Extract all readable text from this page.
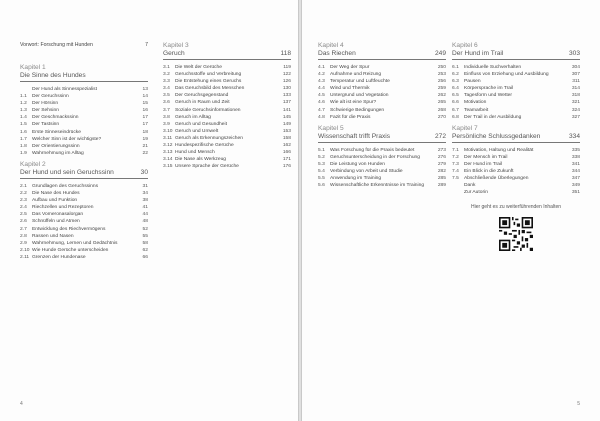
Vorwort: Forschung mit Hunden	7
Kapitel 1
Die Sinne des Hundes
Der Hund als Sinnesspezialist	13
1.1	Der Geruchssinn	14
1.2	Der Hörsinn	15
1.3	Der Sehsinn	16
1.4	Der Geschmackssinn	17
1.5	Der Tastsinn	17
1.6	Erste Sinneseindrücke	18
1.7	Welcher Sinn ist der wichtigste?	19
1.8	Der Orientierungssinn	21
1.9	Wahrnehmung im Alltag	22
Kapitel 2
Der Hund und sein Geruchssinn	30
2.1	Grundlagen des Geruchssinns	31
2.2	Die Nase des Hundes	34
2.3	Aufbau und Funktion	38
2.4	Riechzellen und Rezeptoren	41
2.5	Das Vomeronasalorgan	44
2.6	Schnüffeln und Atmen	48
2.7	Entwicklung des Riechvermögens	52
2.8	Rassen und Nasen	55
2.9	Wahrnehmung, Lernen und Gedächtnis	58
2.10 Wie Hunde Gerüche unterscheiden	62
2.11 Grenzen der Hundenase	66
Kapitel 3
Geruch	118
3.1	Die Welt der Gerüche	119
3.2	Geruchsstoffe und Verbreitung	122
3.3	Die Entstehung eines Geruchs	126
3.4	Das Geruchsbild des Menschen	130
3.5	Der Geruchsgegenstand	133
3.6	Geruch in Raum und Zeit	137
3.7	Soziale Geruchsinformationen	141
3.8	Geruch im Alltag	145
3.9	Geruch und Gesundheit	149
3.10 Geruch und Umwelt	153
3.11 Geruch als Erkennungszeichen	158
3.12 Hundespezifische Gerüche	162
3.13 Hund und Mensch	166
3.14 Die Nase als Werkzeug	171
3.15 Unsere Sprache der Gerüche	176
4
Kapitel 4
Das Riechen	249
4.1	Der Weg der Spur	250
4.2	Aufnahme und Reizung	253
4.3	Temperatur und Luftfeuchte	256
4.4	Wind und Thermik	259
4.5	Untergrund und Vegetation	262
4.6	Wie alt ist eine Spur?	265
4.7	Schwierige Bedingungen	268
4.8	Fazit für die Praxis	270
Kapitel 5
Wissenschaft trifft Praxis	272
5.1	Was Forschung für die Praxis bedeutet	273
5.2	Geruchsunterscheidung in der Forschung	276
5.3	Die Leistung von Hunden	279
5.4	Verbindung von Arbeit und Studie	282
5.5	Anwendung im Training	285
5.6	Wissenschaftliche Erkenntnisse im Training	289
Kapitel 6
Der Hund im Trail	303
6.1	Individuelle Suchverhalten	304
6.2	Einfluss von Erziehung und Ausbildung	307
6.3	Pausen	311
6.4	Körpersprache im Trail	314
6.5	Tagesform und Wetter	318
6.6	Motivation	321
6.7	Teamarbeit	324
6.8	Der Trail in der Ausbildung	327
Kapitel 7
Persönliche Schlussgedanken	334
7.1	Motivation, Haltung und Realität	335
7.2	Der Mensch im Trail	338
7.3	Der Hund im Trail	341
7.4	Ein Blick in die Zukunft	344
7.5	Abschließende Überlegungen	347
Dank	349
Zur Autorin	351
Hier geht es zu weiterführenden Inhalten
5
